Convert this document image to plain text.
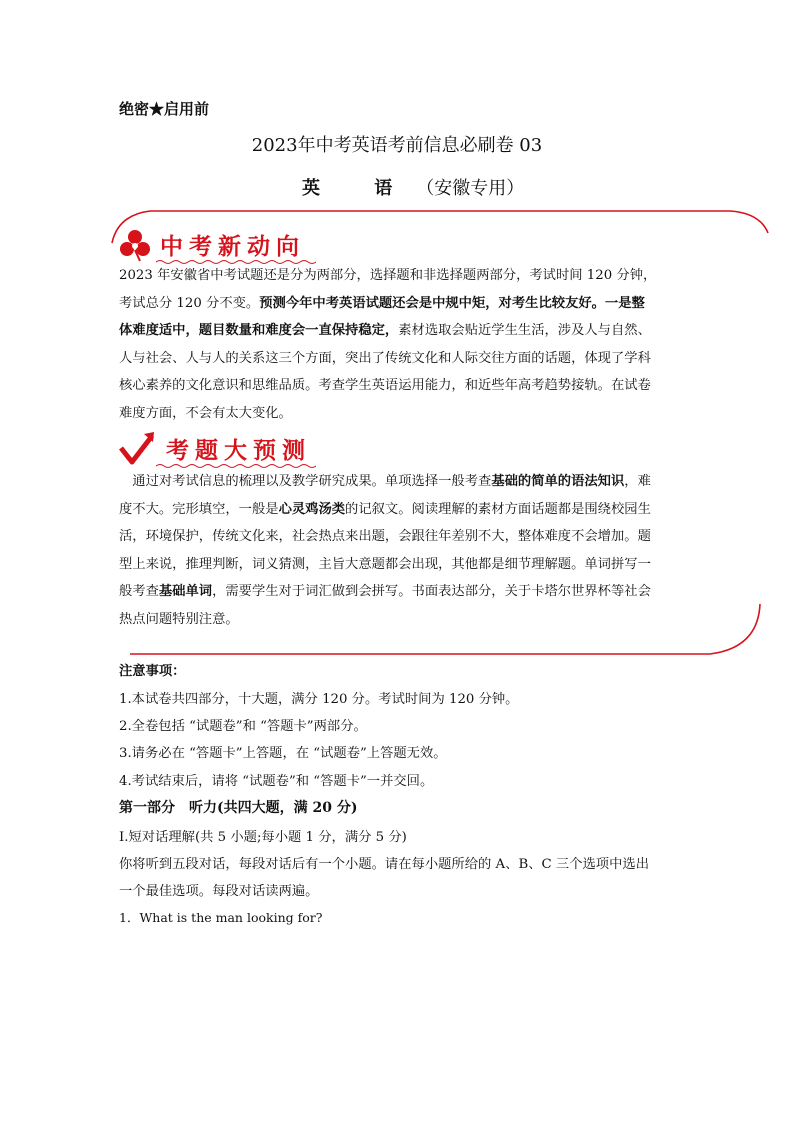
绝密★启用前
2023年中考英语考前信息必刷卷 03
英 语（安徽专用）
中考新动向
2023 年安徽省中考试题还是分为两部分，选择题和非选择题两部分，考试时间 120 分钟，
考试总分 120 分不变。预测今年中考英语试题还会是中规中矩，对考生比较友好。一是整
体难度适中，题目数量和难度会一直保持稳定，素材选取会贴近学生生活，涉及人与自然、
人与社会、人与人的关系这三个方面，突出了传统文化和人际交往方面的话题，体现了学科
核心素养的文化意识和思维品质。考查学生英语运用能力，和近些年高考趋势接轨。在试卷
难度方面，不会有太大变化。
考题大预测
　通过对考试信息的梳理以及教学研究成果。单项选择一般考查基础的简单的语法知识，难
度不大。完形填空，一般是心灵鸡汤类的记叙文。阅读理解的素材方面话题都是围绕校园生
活，环境保护，传统文化来，社会热点来出题，会跟往年差别不大，整体难度不会增加。题
型上来说，推理判断，词义猜测，主旨大意题都会出现，其他都是细节理解题。单词拼写一
般考查基础单词，需要学生对于词汇做到会拼写。书面表达部分，关于卡塔尔世界杯等社会
热点问题特别注意。
注意事项：
1.本试卷共四部分，十大题，满分 120 分。考试时间为 120 分钟。
2.全卷包括 “试题卷”和 “答题卡”两部分。
3.请务必在 “答题卡”上答题，在 “试题卷”上答题无效。
4.考试结束后，请将 “试题卷”和 “答题卡”一并交回。
第一部分　听力(共四大题，满 20 分)
Ⅰ.短对话理解(共 5 小题;每小题 1 分，满分 5 分)
你将听到五段对话，每段对话后有一个小题。请在每小题所给的 A、B、C 三个选项中选出
一个最佳选项。每段对话读两遍。
1．What is the man looking for?
